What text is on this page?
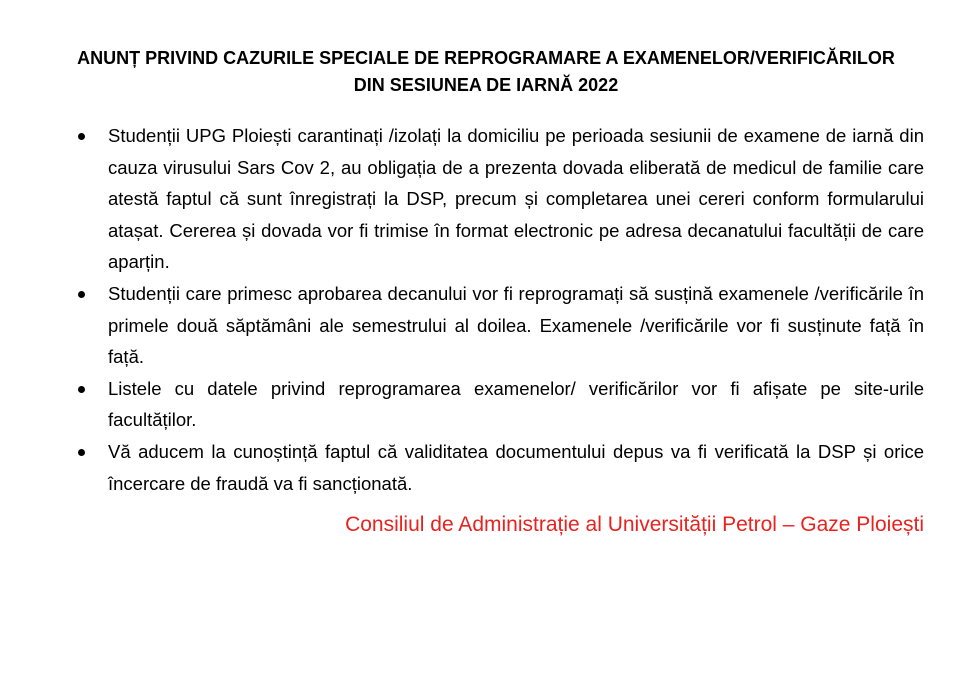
ANUNȚ PRIVIND CAZURILE SPECIALE DE REPROGRAMARE A EXAMENELOR/VERIFICĂRILOR
DIN SESIUNEA DE IARNĂ 2022
Studenții UPG Ploiești carantinați /izolați la domiciliu pe perioada sesiunii de examene de iarnă din cauza virusului Sars Cov 2, au obligația de a prezenta dovada eliberată de medicul de familie care atestă faptul că sunt înregistrați la DSP, precum și completarea unei cereri conform formularului atașat. Cererea și dovada vor fi trimise în format electronic pe adresa decanatului facultății de care aparțin.
Studenții care primesc aprobarea decanului vor fi reprogramați să susțină examenele /verificările în primele două săptămâni ale semestrului al doilea. Examenele /verificările vor fi susținute față în față.
Listele cu datele privind reprogramarea examenelor/ verificărilor vor fi afișate pe site-urile facultăților.
Vă aducem la cunoștință faptul că validitatea documentului depus va fi verificată la DSP și orice încercare de fraudă va fi sancționată.
Consiliul de Administrație al Universității Petrol – Gaze Ploiești
